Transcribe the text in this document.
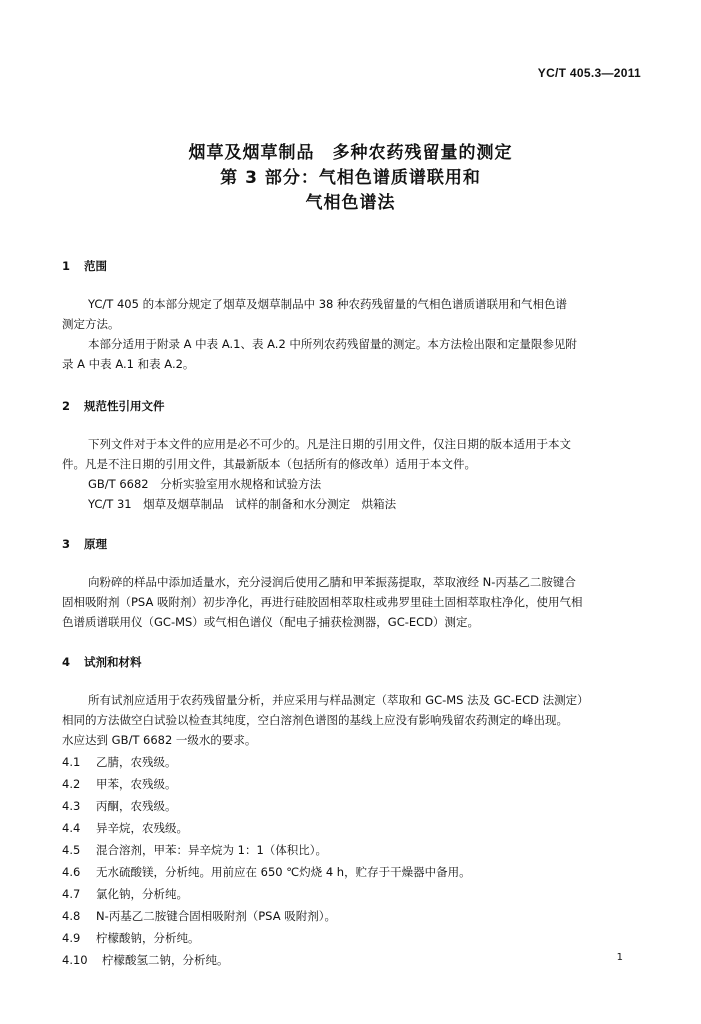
YC/T 405.3—2011
烟草及烟草制品　多种农药残留量的测定
第 3 部分：气相色谱质谱联用和
气相色谱法
1 范围
YC/T 405 的本部分规定了烟草及烟草制品中 38 种农药残留量的气相色谱质谱联用和气相色谱
测定方法。
本部分适用于附录 A 中表 A.1、表 A.2 中所列农药残留量的测定。本方法检出限和定量限参见附
录 A 中表 A.1 和表 A.2。
2 规范性引用文件
下列文件对于本文件的应用是必不可少的。凡是注日期的引用文件，仅注日期的版本适用于本文
件。凡是不注日期的引用文件，其最新版本（包括所有的修改单）适用于本文件。
GB/T 6682　分析实验室用水规格和试验方法
YC/T 31　烟草及烟草制品　试样的制备和水分测定　烘箱法
3 原理
向粉碎的样品中添加适量水，充分浸润后使用乙腈和甲苯振荡提取，萃取液经 N-丙基乙二胺键合
固相吸附剂（PSA 吸附剂）初步净化，再进行硅胶固相萃取柱或弗罗里硅土固相萃取柱净化，使用气相
色谱质谱联用仪（GC-MS）或气相色谱仪（配电子捕获检测器，GC-ECD）测定。
4 试剂和材料
所有试剂应适用于农药残留量分析，并应采用与样品测定（萃取和 GC-MS 法及 GC-ECD 法测定）
相同的方法做空白试验以检查其纯度，空白溶剂色谱图的基线上应没有影响残留农药测定的峰出现。
水应达到 GB/T 6682 一级水的要求。
4.1 乙腈，农残级。
4.2 甲苯，农残级。
4.3 丙酮，农残级。
4.4 异辛烷，农残级。
4.5 混合溶剂，甲苯：异辛烷为 1：1（体积比）。
4.6 无水硫酸镁，分析纯。用前应在 650 ℃灼烧 4 h，贮存于干燥器中备用。
4.7 氯化钠，分析纯。
4.8 N-丙基乙二胺键合固相吸附剂（PSA 吸附剂）。
4.9 柠檬酸钠，分析纯。
4.10 柠檬酸氢二钠，分析纯。	1
